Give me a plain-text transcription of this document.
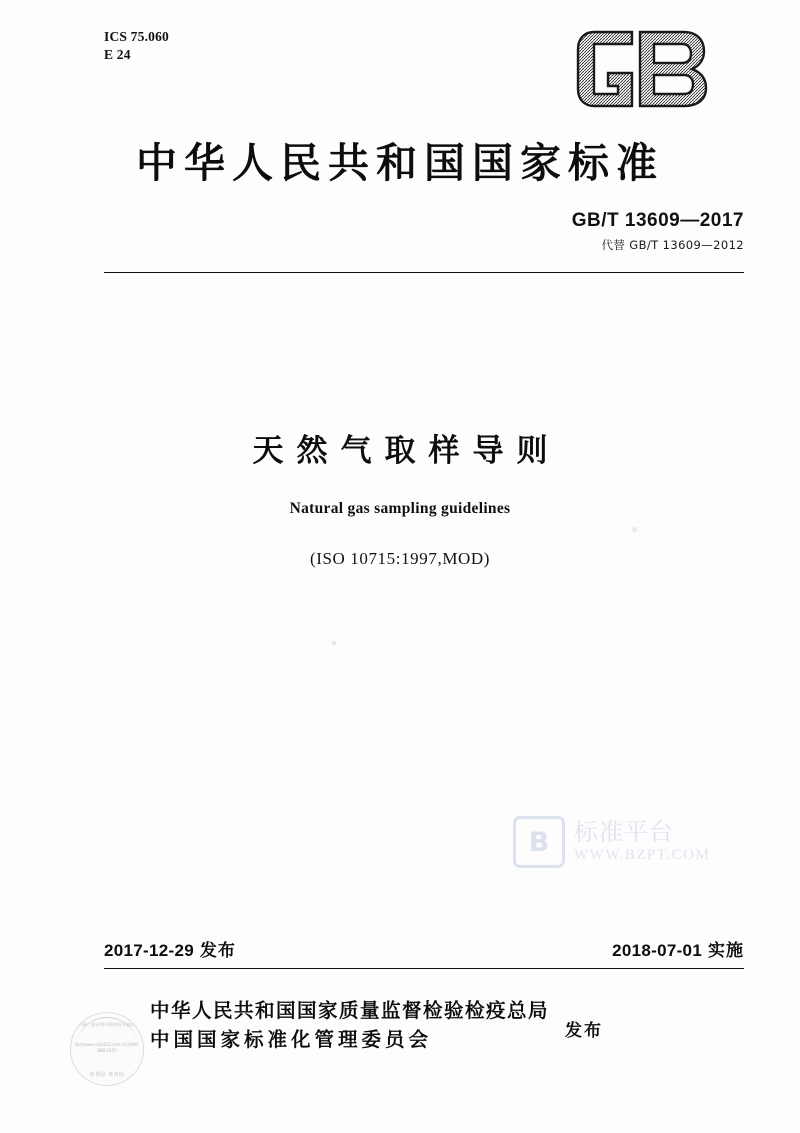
ICS 75.060
E 24
中华人民共和国国家标准
GB/T 13609—2017
代替 GB/T 13609—2012
天然气取样导则
Natural gas sampling guidelines
(ISO 10715:1997,MOD)
B	标准平台
WWW.BZPT.COM
2017-12-29 发布	2018-07-01 实施
中华人民共和国国家质量监督检验检疫总局
中国国家标准化管理委员会	发布
扫描二维码辨识防伪标识真伪
网站www.cnhz315.com 电话400-888-5555
防伪层 查真伪
